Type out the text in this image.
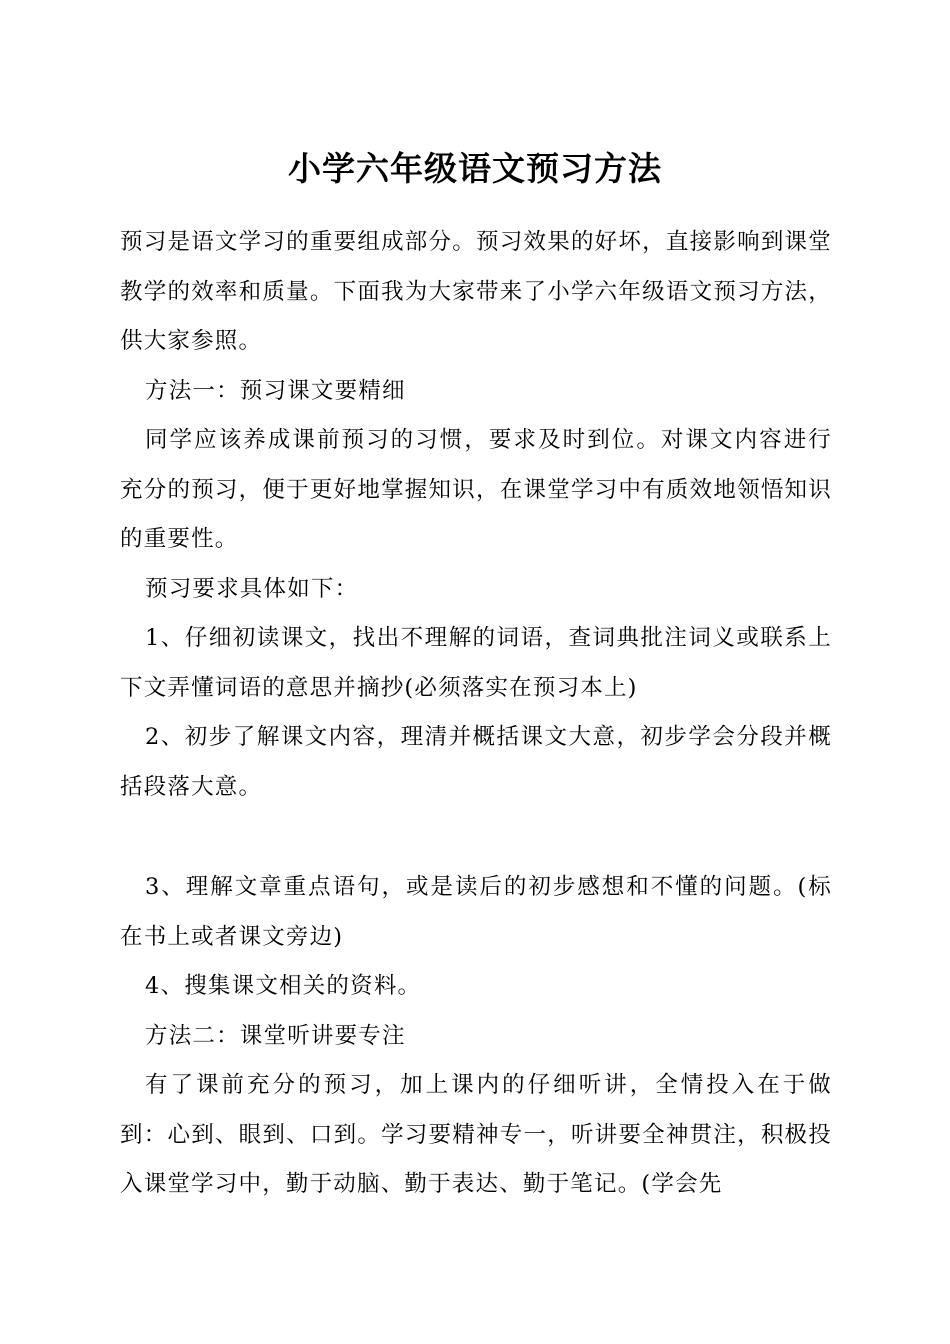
小学六年级语文预习方法

预习是语文学习的重要组成部分。预习效果的好坏，直接影响到课堂教学的效率和质量。下面我为大家带来了小学六年级语文预习方法，供大家参照。

方法一：预习课文要精细

同学应该养成课前预习的习惯，要求及时到位。对课文内容进行充分的预习，便于更好地掌握知识，在课堂学习中有质效地领悟知识的重要性。

预习要求具体如下：

1、仔细初读课文，找出不理解的词语，查词典批注词义或联系上下文弄懂词语的意思并摘抄(必须落实在预习本上)

2、初步了解课文内容，理清并概括课文大意，初步学会分段并概括段落大意。

3、理解文章重点语句，或是读后的初步感想和不懂的问题。(标在书上或者课文旁边)

4、搜集课文相关的资料。

方法二：课堂听讲要专注

有了课前充分的预习，加上课内的仔细听讲，全情投入在于做到：心到、眼到、口到。学习要精神专一，听讲要全神贯注，积极投入课堂学习中，勤于动脑、勤于表达、勤于笔记。(学会先
